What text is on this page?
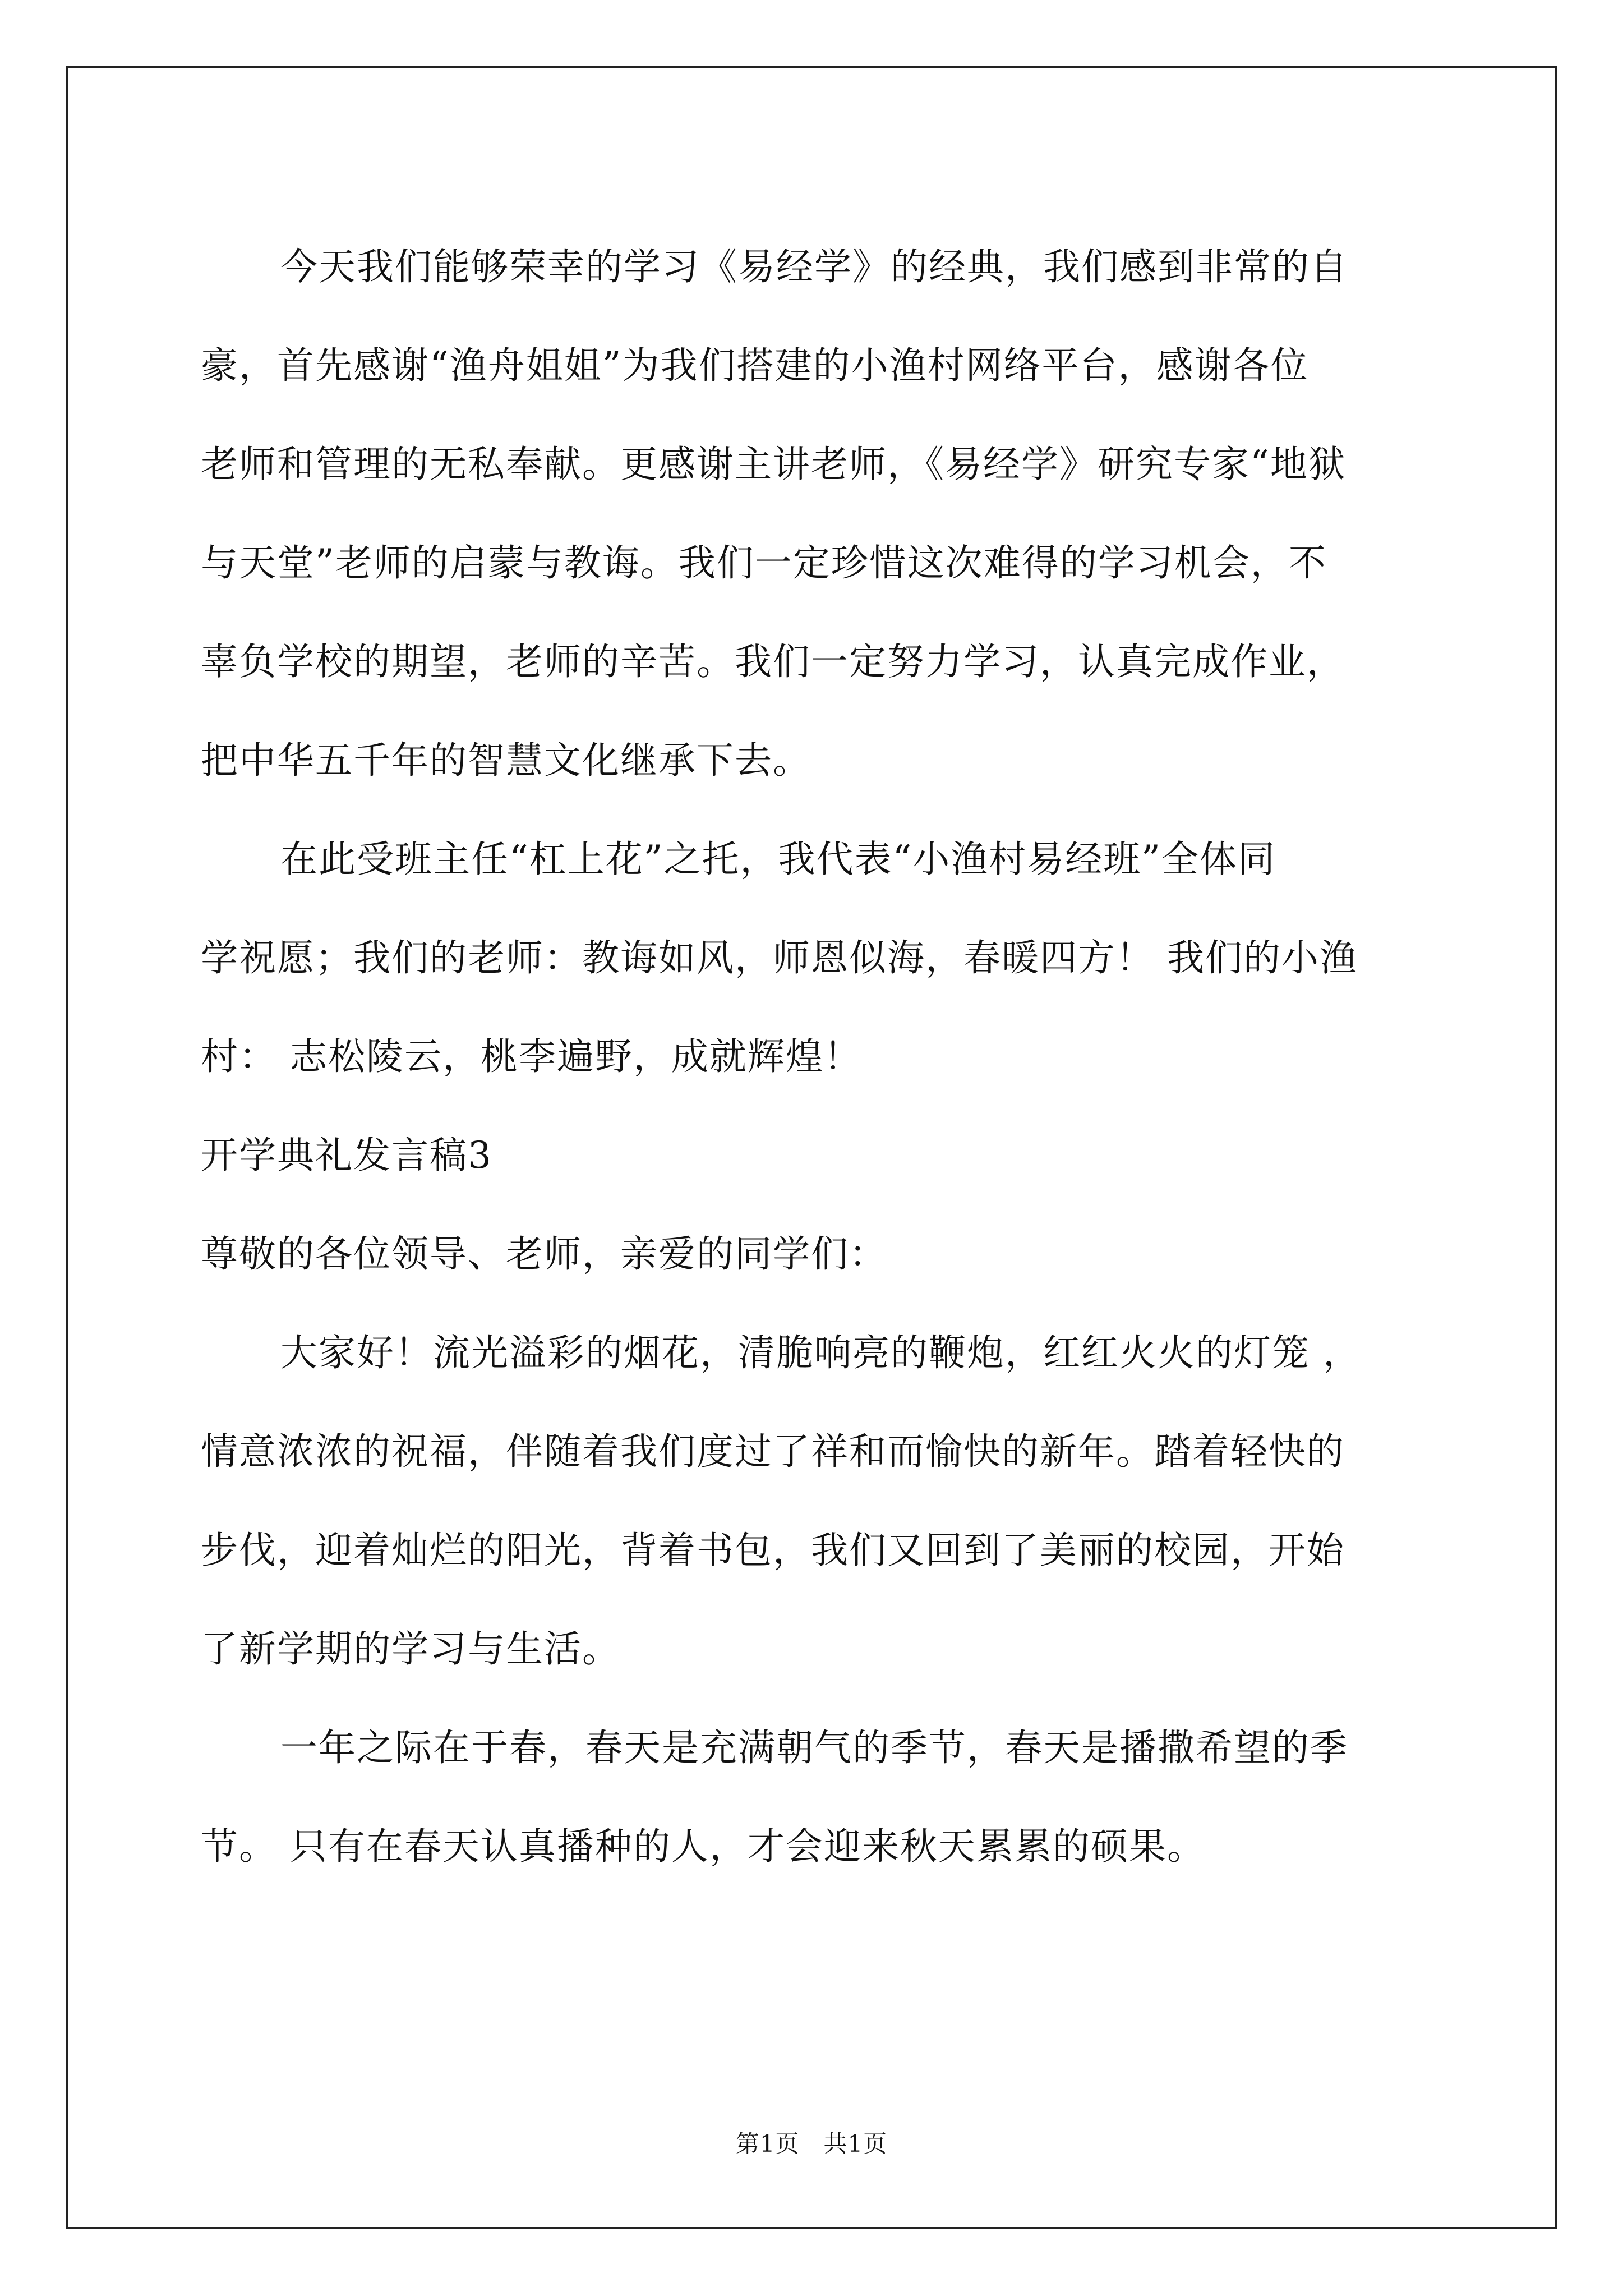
今天我们能够荣幸的学习《易经学》的经典，我们感到非常的自
豪，首先感谢“渔舟姐姐”为我们搭建的小渔村网络平台，感谢各位
老师和管理的无私奉献。更感谢主讲老师，《易经学》研究专家“地狱
与天堂”老师的启蒙与教诲。我们一定珍惜这次难得的学习机会，不
辜负学校的期望，老师的辛苦。我们一定努力学习，认真完成作业，
把中华五千年的智慧文化继承下去。
在此受班主任“杠上花”之托，我代表“小渔村易经班”全体同
学祝愿；我们的老师：教诲如风，师恩似海，春暖四方！ 我们的小渔
村： 志松陵云，桃李遍野，成就辉煌！
开学典礼发言稿3
尊敬的各位领导、老师，亲爱的同学们：
大家好！流光溢彩的烟花，清脆响亮的鞭炮，红红火火的灯笼 ，
情意浓浓的祝福，伴随着我们度过了祥和而愉快的新年。踏着轻快的
步伐，迎着灿烂的阳光，背着书包，我们又回到了美丽的校园，开始
了新学期的学习与生活。
一年之际在于春，春天是充满朝气的季节，春天是播撒希望的季
节。 只有在春天认真播种的人，才会迎来秋天累累的硕果。
第1页　共1页
